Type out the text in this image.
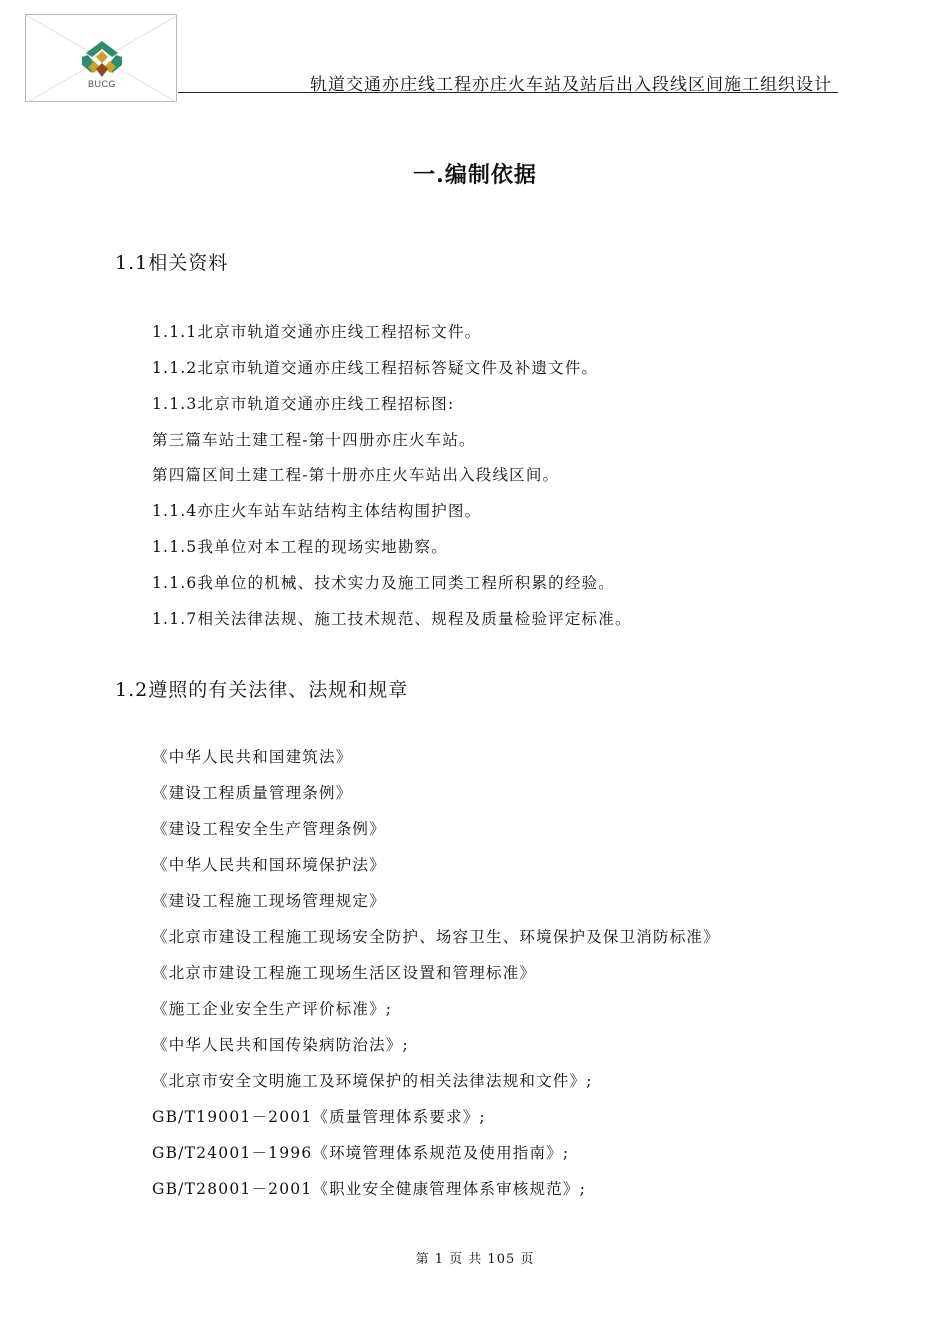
BUCG	轨道交通亦庄线工程亦庄火车站及站后出入段线区间施工组织设计
一.编制依据
1.1相关资料
1.1.1北京市轨道交通亦庄线工程招标文件。
1.1.2北京市轨道交通亦庄线工程招标答疑文件及补遗文件。
1.1.3北京市轨道交通亦庄线工程招标图:
第三篇车站土建工程-第十四册亦庄火车站。
第四篇区间土建工程-第十册亦庄火车站出入段线区间。
1.1.4亦庄火车站车站结构主体结构围护图。
1.1.5我单位对本工程的现场实地勘察。
1.1.6我单位的机械、技术实力及施工同类工程所积累的经验。
1.1.7相关法律法规、施工技术规范、规程及质量检验评定标准。
1.2遵照的有关法律、法规和规章
《中华人民共和国建筑法》
《建设工程质量管理条例》
《建设工程安全生产管理条例》
《中华人民共和国环境保护法》
《建设工程施工现场管理规定》
《北京市建设工程施工现场安全防护、场容卫生、环境保护及保卫消防标准》
《北京市建设工程施工现场生活区设置和管理标准》
《施工企业安全生产评价标准》;
《中华人民共和国传染病防治法》;
《北京市安全文明施工及环境保护的相关法律法规和文件》;
GB/T19001－2001《质量管理体系要求》;
GB/T24001－1996《环境管理体系规范及使用指南》;
GB/T28001－2001《职业安全健康管理体系审核规范》;
第 1 页 共 105 页
